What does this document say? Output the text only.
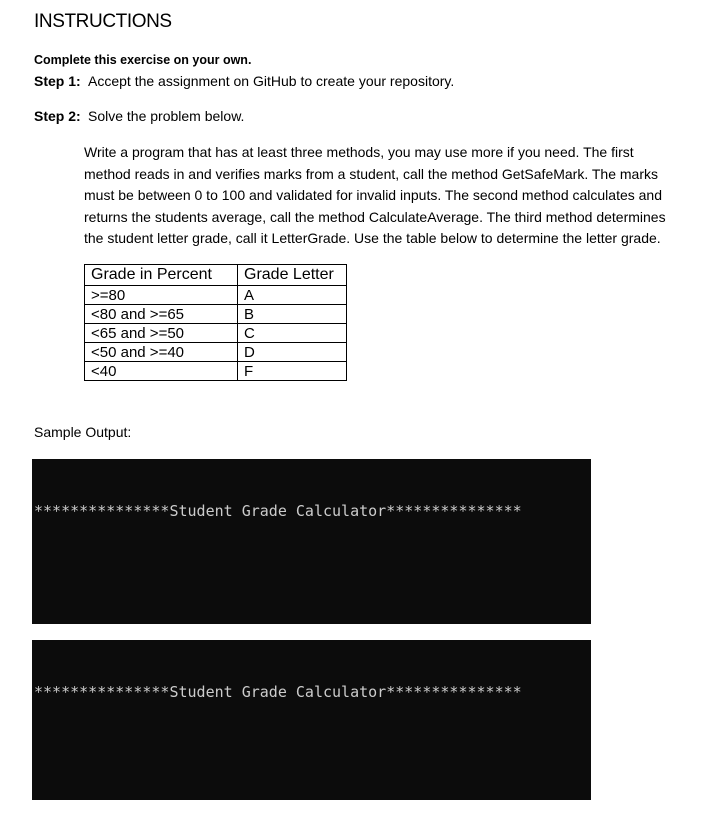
INSTRUCTIONS
Complete this exercise on your own.
Step 1: Accept the assignment on GitHub to create your repository.
Step 2: Solve the problem below.
Write a program that has at least three methods, you may use more if you need. The first
method reads in and verifies marks from a student, call the method GetSafeMark. The marks
must be between 0 to 100 and validated for invalid inputs. The second method calculates and
returns the students average, call the method CalculateAverage. The third method determines
the student letter grade, call it LetterGrade. Use the table below to determine the letter grade.
Grade in Percent	Grade Letter
>=80	A
<80 and >=65	B
<65 and >=50	C
<50 and >=40	D
<40	F
Sample Output:

***************Student Grade Calculator***************

***************Student Grade Calculator***************
